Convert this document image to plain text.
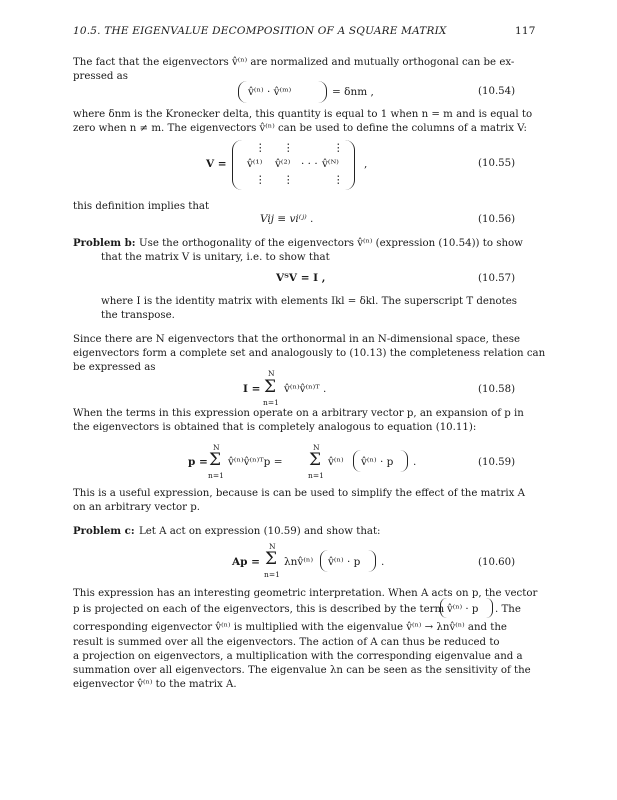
10.5. THE EIGENVALUE DECOMPOSITION OF A SQUARE MATRIX	117
The fact that the eigenvectors v̂⁽ⁿ⁾ are normalized and mutually orthogonal can be ex-
pressed as
v̂⁽ⁿ⁾ · v̂⁽ᵐ⁾	= δnm ,	(10.54)
where δnm is the Kronecker delta, this quantity is equal to 1 when n = m and is equal to
zero when n ≠ m. The eigenvectors v̂⁽ⁿ⁾ can be used to define the columns of a matrix V:
V =
⋮ ⋮	⋮
v̂⁽¹⁾ v̂⁽²⁾ · · · v̂⁽ᴺ⁾
⋮ ⋮	⋮
,	(10.55)
this definition implies that
Vij ≡ vi⁽ʲ⁾ .	(10.56)
Problem b: Use the orthogonality of the eigenvectors v̂⁽ⁿ⁾ (expression (10.54)) to show
that the matrix V is unitary, i.e. to show that
VᵀV = I ,	(10.57)
where I is the identity matrix with elements Ikl = δkl. The superscript T denotes
the transpose.
Since there are N eigenvectors that the orthonormal in an N-dimensional space, these
eigenvectors form a complete set and analogously to (10.13) the completeness relation can
be expressed as
I =
N
Σ
n=1
v̂⁽ⁿ⁾v̂⁽ⁿ⁾ᵀ .	(10.58)
When the terms in this expression operate on a arbitrary vector p, an expansion of p in
the eigenvectors is obtained that is completely analogous to equation (10.11):
p =
N
Σ
n=1
v̂⁽ⁿ⁾v̂⁽ⁿ⁾ᵀp =
N
Σ
n=1
v̂⁽ⁿ⁾ v̂⁽ⁿ⁾ · p .	(10.59)
This is a useful expression, because is can be used to simplify the effect of the matrix A
on an arbitrary vector p.
Problem c: Let A act on expression (10.59) and show that:
Ap =
N
Σ
n=1
λnv̂⁽ⁿ⁾ v̂⁽ⁿ⁾ · p .	(10.60)
This expression has an interesting geometric interpretation. When A acts on p, the vector
p is projected on each of the eigenvectors, this is described by the term v̂⁽ⁿ⁾ · p . The
corresponding eigenvector v̂⁽ⁿ⁾ is multiplied with the eigenvalue v̂⁽ⁿ⁾ → λnv̂⁽ⁿ⁾ and the
result is summed over all the eigenvectors. The action of A can thus be reduced to
a projection on eigenvectors, a multiplication with the corresponding eigenvalue and a
summation over all eigenvectors. The eigenvalue λn can be seen as the sensitivity of the
eigenvector v̂⁽ⁿ⁾ to the matrix A.
